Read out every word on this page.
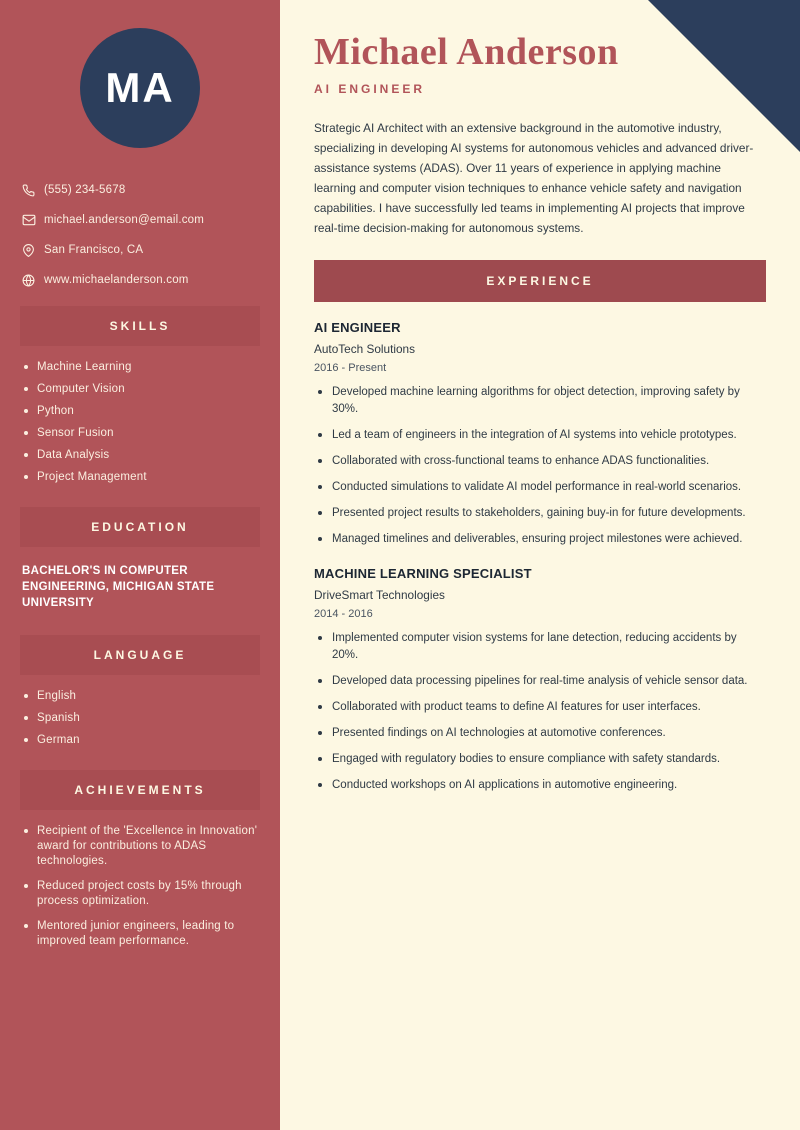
MA
(555) 234-5678
michael.anderson@email.com
San Francisco, CA
www.michaelanderson.com
SKILLS
Machine Learning
Computer Vision
Python
Sensor Fusion
Data Analysis
Project Management
EDUCATION
BACHELOR'S IN COMPUTER ENGINEERING, MICHIGAN STATE UNIVERSITY
LANGUAGE
English
Spanish
German
ACHIEVEMENTS
Recipient of the 'Excellence in Innovation' award for contributions to ADAS technologies.
Reduced project costs by 15% through process optimization.
Mentored junior engineers, leading to improved team performance.
Michael Anderson
AI ENGINEER

Strategic AI Architect with an extensive background in the automotive industry, specializing in developing AI systems for autonomous vehicles and advanced driver-assistance systems (ADAS). Over 11 years of experience in applying machine learning and computer vision techniques to enhance vehicle safety and navigation capabilities. I have successfully led teams in implementing AI projects that improve real-time decision-making for autonomous systems.

EXPERIENCE
AI ENGINEER
AutoTech Solutions
2016 - Present
Developed machine learning algorithms for object detection, improving safety by 30%.
Led a team of engineers in the integration of AI systems into vehicle prototypes.
Collaborated with cross-functional teams to enhance ADAS functionalities.
Conducted simulations to validate AI model performance in real-world scenarios.
Presented project results to stakeholders, gaining buy-in for future developments.
Managed timelines and deliverables, ensuring project milestones were achieved.
MACHINE LEARNING SPECIALIST
DriveSmart Technologies
2014 - 2016
Implemented computer vision systems for lane detection, reducing accidents by 20%.
Developed data processing pipelines for real-time analysis of vehicle sensor data.
Collaborated with product teams to define AI features for user interfaces.
Presented findings on AI technologies at automotive conferences.
Engaged with regulatory bodies to ensure compliance with safety standards.
Conducted workshops on AI applications in automotive engineering.
